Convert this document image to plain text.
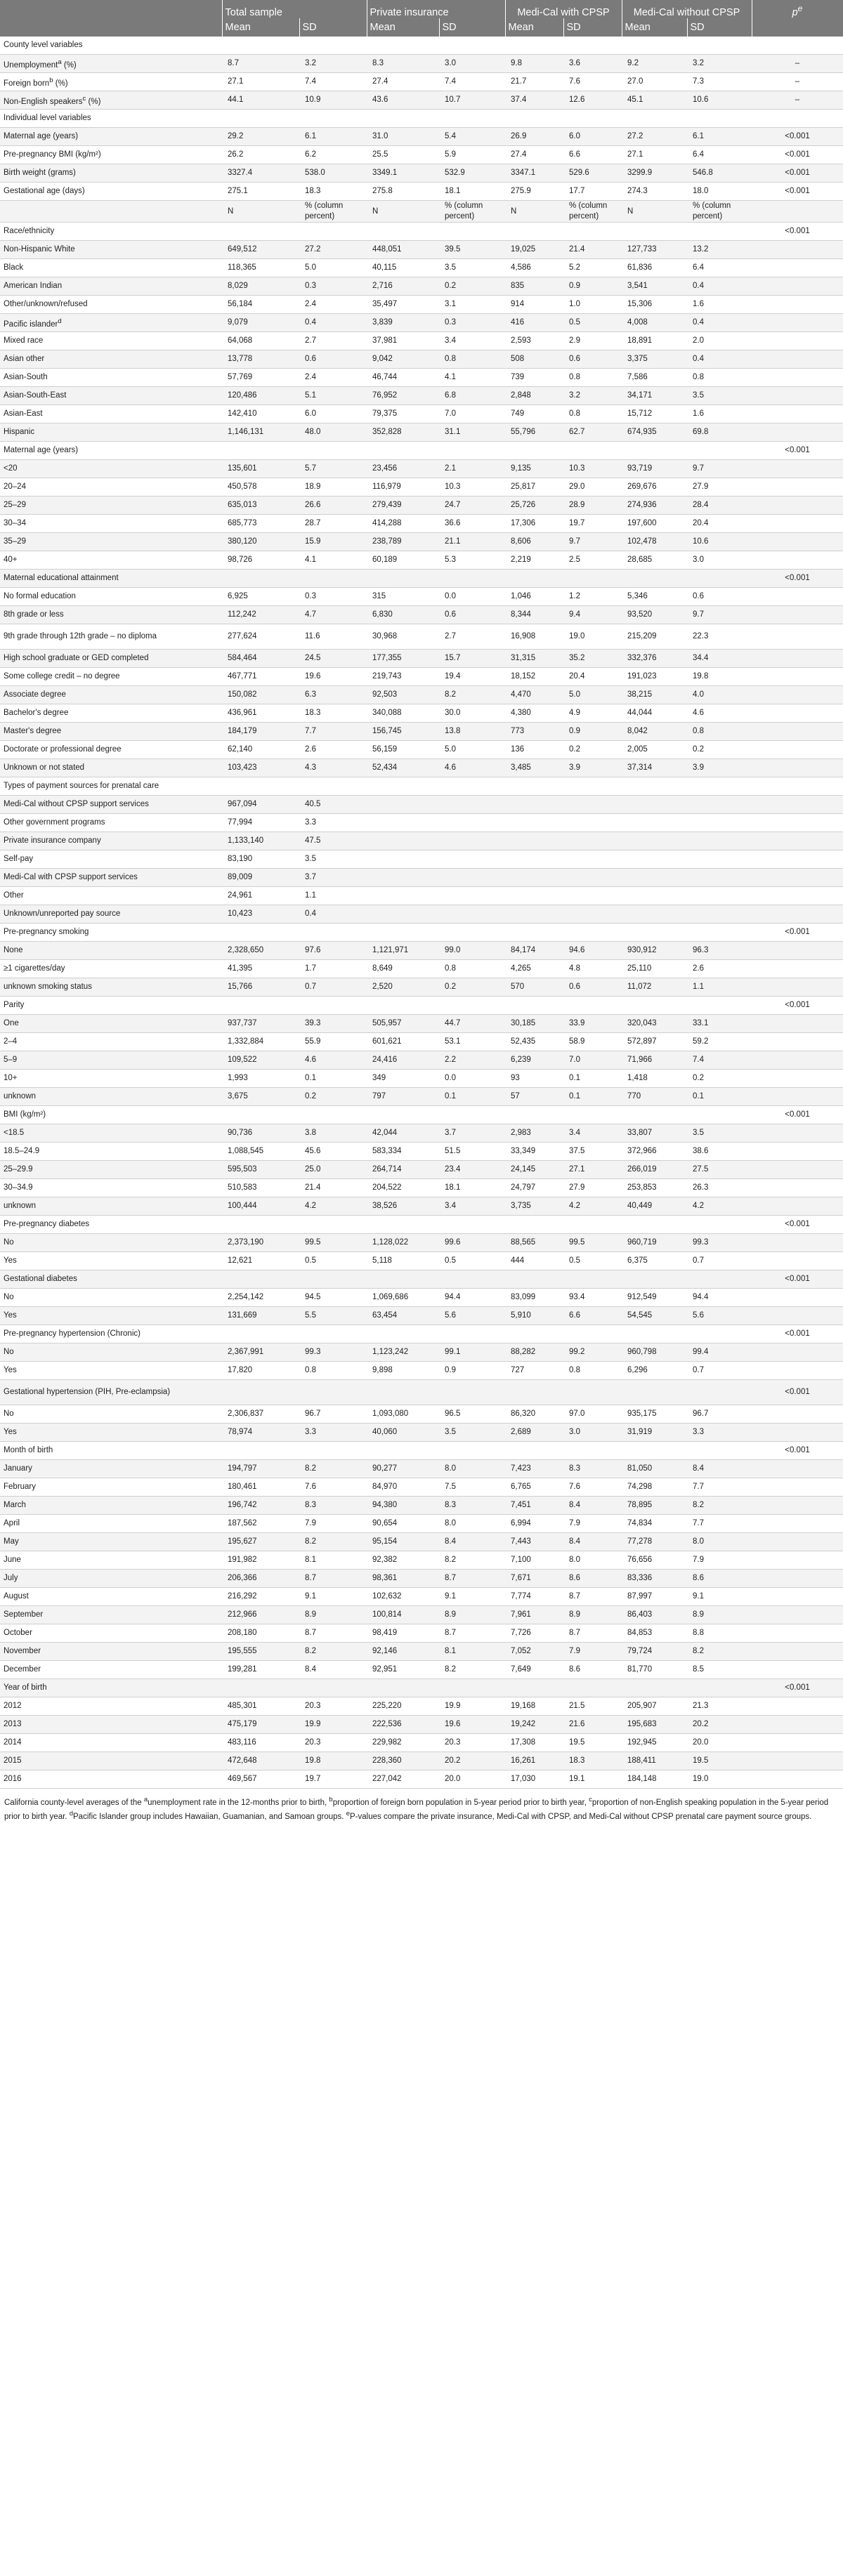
	Total sample		Private insurance		Medi-Cal with CPSP		Medi-Cal without CPSP		$p^e$
	Mean	SD	Mean	SD	Mean	SD	Mean	SD	
County level variables									
Unemployment$^a$ (%)	8.7	3.2	8.3	3.0	9.8	3.6	9.2	3.2	–
Foreign born$^b$ (%)	27.1	7.4	27.4	7.4	21.7	7.6	27.0	7.3	–
Non-English speakers$^c$ (%)	44.1	10.9	43.6	10.7	37.4	12.6	45.1	10.6	–
Individual level variables									
Maternal age (years)	29.2	6.1	31.0	5.4	26.9	6.0	27.2	6.1	<0.001
Pre-pregnancy BMI (kg/m²)	26.2	6.2	25.5	5.9	27.4	6.6	27.1	6.4	<0.001
Birth weight (grams)	3327.4	538.0	3349.1	532.9	3347.1	529.6	3299.9	546.8	<0.001
Gestational age (days)	275.1	18.3	275.8	18.1	275.9	17.7	274.3	18.0	<0.001
	N	% (column percent)	N	% (column percent)	N	% (column percent)	N	% (column percent)	
Race/ethnicity									<0.001
Non-Hispanic White	649,512	27.2	448,051	39.5	19,025	21.4	127,733	13.2	
Black	118,365	5.0	40,115	3.5	4,586	5.2	61,836	6.4	
American Indian	8,029	0.3	2,716	0.2	835	0.9	3,541	0.4	
Other/unknown/refused	56,184	2.4	35,497	3.1	914	1.0	15,306	1.6	
Pacific islander$^d$	9,079	0.4	3,839	0.3	416	0.5	4,008	0.4	
Mixed race	64,068	2.7	37,981	3.4	2,593	2.9	18,891	2.0	
Asian other	13,778	0.6	9,042	0.8	508	0.6	3,375	0.4	
Asian-South	57,769	2.4	46,744	4.1	739	0.8	7,586	0.8	
Asian-South-East	120,486	5.1	76,952	6.8	2,848	3.2	34,171	3.5	
Asian-East	142,410	6.0	79,375	7.0	749	0.8	15,712	1.6	
Hispanic	1,146,131	48.0	352,828	31.1	55,796	62.7	674,935	69.8	
Maternal age (years)									<0.001
<20	135,601	5.7	23,456	2.1	9,135	10.3	93,719	9.7	
20–24	450,578	18.9	116,979	10.3	25,817	29.0	269,676	27.9	
25–29	635,013	26.6	279,439	24.7	25,726	28.9	274,936	28.4	
30–34	685,773	28.7	414,288	36.6	17,306	19.7	197,600	20.4	
35–29	380,120	15.9	238,789	21.1	8,606	9.7	102,478	10.6	
40+	98,726	4.1	60,189	5.3	2,219	2.5	28,685	3.0	
Maternal educational attainment									<0.001
No formal education	6,925	0.3	315	0.0	1,046	1.2	5,346	0.6	
8th grade or less	112,242	4.7	6,830	0.6	8,344	9.4	93,520	9.7	
9th grade through 12th grade – no diploma	277,624	11.6	30,968	2.7	16,908	19.0	215,209	22.3	
High school graduate or GED completed	584,464	24.5	177,355	15.7	31,315	35.2	332,376	34.4	
Some college credit – no degree	467,771	19.6	219,743	19.4	18,152	20.4	191,023	19.8	
Associate degree	150,082	6.3	92,503	8.2	4,470	5.0	38,215	4.0	
Bachelor's degree	436,961	18.3	340,088	30.0	4,380	4.9	44,044	4.6	
Master's degree	184,179	7.7	156,745	13.8	773	0.9	8,042	0.8	
Doctorate or professional degree	62,140	2.6	56,159	5.0	136	0.2	2,005	0.2	
Unknown or not stated	103,423	4.3	52,434	4.6	3,485	3.9	37,314	3.9	
Types of payment sources for prenatal care									
Medi-Cal without CPSP support services	967,094	40.5							
Other government programs	77,994	3.3							
Private insurance company	1,133,140	47.5							
Self-pay	83,190	3.5							
Medi-Cal with CPSP support services	89,009	3.7							
Other	24,961	1.1							
Unknown/unreported pay source	10,423	0.4							
Pre-pregnancy smoking									<0.001
None	2,328,650	97.6	1,121,971	99.0	84,174	94.6	930,912	96.3	
≥1 cigarettes/day	41,395	1.7	8,649	0.8	4,265	4.8	25,110	2.6	
unknown smoking status	15,766	0.7	2,520	0.2	570	0.6	11,072	1.1	
Parity									<0.001
One	937,737	39.3	505,957	44.7	30,185	33.9	320,043	33.1	
2–4	1,332,884	55.9	601,621	53.1	52,435	58.9	572,897	59.2	
5–9	109,522	4.6	24,416	2.2	6,239	7.0	71,966	7.4	
10+	1,993	0.1	349	0.0	93	0.1	1,418	0.2	
unknown	3,675	0.2	797	0.1	57	0.1	770	0.1	
BMI (kg/m²)									<0.001
<18.5	90,736	3.8	42,044	3.7	2,983	3.4	33,807	3.5	
18.5–24.9	1,088,545	45.6	583,334	51.5	33,349	37.5	372,966	38.6	
25–29.9	595,503	25.0	264,714	23.4	24,145	27.1	266,019	27.5	
30–34.9	510,583	21.4	204,522	18.1	24,797	27.9	253,853	26.3	
unknown	100,444	4.2	38,526	3.4	3,735	4.2	40,449	4.2	
Pre-pregnancy diabetes									<0.001
No	2,373,190	99.5	1,128,022	99.6	88,565	99.5	960,719	99.3	
Yes	12,621	0.5	5,118	0.5	444	0.5	6,375	0.7	
Gestational diabetes									<0.001
No	2,254,142	94.5	1,069,686	94.4	83,099	93.4	912,549	94.4	
Yes	131,669	5.5	63,454	5.6	5,910	6.6	54,545	5.6	
Pre-pregnancy hypertension (Chronic)									<0.001
No	2,367,991	99.3	1,123,242	99.1	88,282	99.2	960,798	99.4	
Yes	17,820	0.8	9,898	0.9	727	0.8	6,296	0.7	
Gestational hypertension (PIH, Pre-eclampsia)									<0.001
No	2,306,837	96.7	1,093,080	96.5	86,320	97.0	935,175	96.7	
Yes	78,974	3.3	40,060	3.5	2,689	3.0	31,919	3.3	
Month of birth									<0.001
January	194,797	8.2	90,277	8.0	7,423	8.3	81,050	8.4	
February	180,461	7.6	84,970	7.5	6,765	7.6	74,298	7.7	
March	196,742	8.3	94,380	8.3	7,451	8.4	78,895	8.2	
April	187,562	7.9	90,654	8.0	6,994	7.9	74,834	7.7	
May	195,627	8.2	95,154	8.4	7,443	8.4	77,278	8.0	
June	191,982	8.1	92,382	8.2	7,100	8.0	76,656	7.9	
July	206,366	8.7	98,361	8.7	7,671	8.6	83,336	8.6	
August	216,292	9.1	102,632	9.1	7,774	8.7	87,997	9.1	
September	212,966	8.9	100,814	8.9	7,961	8.9	86,403	8.9	
October	208,180	8.7	98,419	8.7	7,726	8.7	84,853	8.8	
November	195,555	8.2	92,146	8.1	7,052	7.9	79,724	8.2	
December	199,281	8.4	92,951	8.2	7,649	8.6	81,770	8.5	
Year of birth									<0.001
2012	485,301	20.3	225,220	19.9	19,168	21.5	205,907	21.3	
2013	475,179	19.9	222,536	19.6	19,242	21.6	195,683	20.2	
2014	483,116	20.3	229,982	20.3	17,308	19.5	192,945	20.0	
2015	472,648	19.8	228,360	20.2	16,261	18.3	188,411	19.5	
2016	469,567	19.7	227,042	20.0	17,030	19.1	184,148	19.0	
California county-level averages of the $^a$unemployment rate in the 12-months prior to birth, $^b$proportion of foreign born population in 5-year period prior to birth year, $^c$proportion of non-English speaking population in the 5-year period prior to birth year. $^d$Pacific Islander group includes Hawaiian, Guamanian, and Samoan groups. $^e$P-values compare the private insurance, Medi-Cal with CPSP, and Medi-Cal without CPSP prenatal care payment source groups.
